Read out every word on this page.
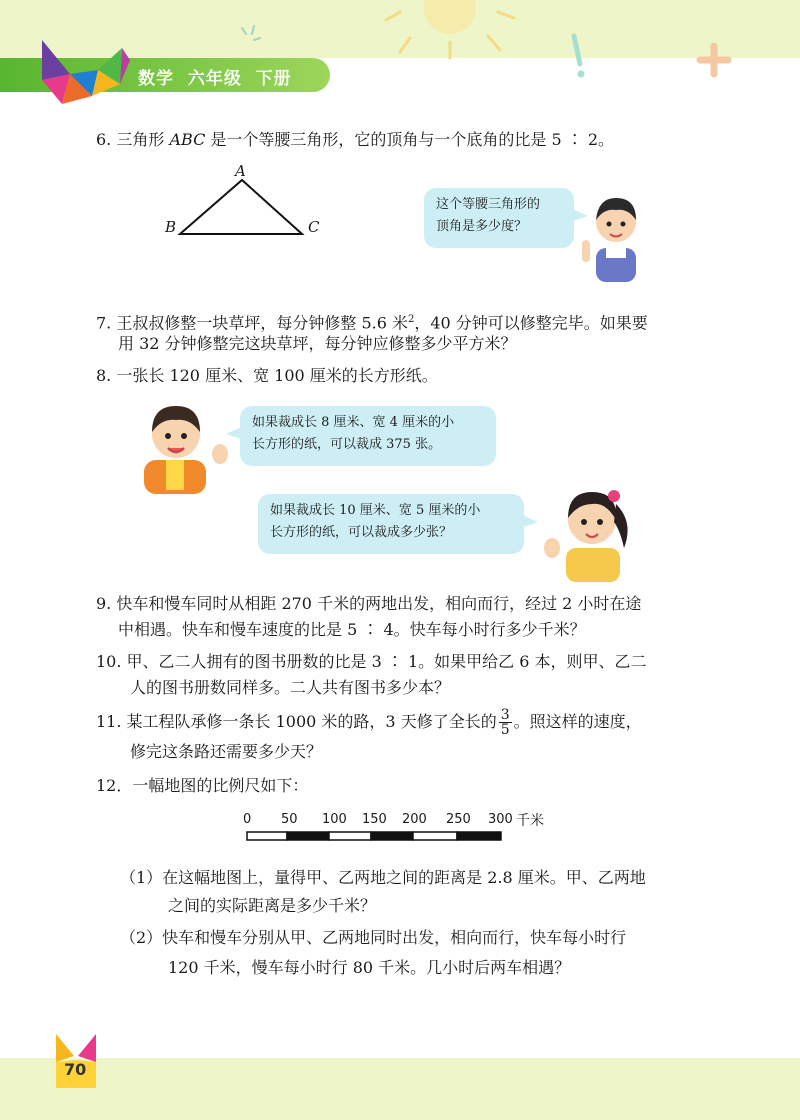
数学  六年级  下册
6. 三角形 ABC 是一个等腰三角形，它的顶角与一个底角的比是 5 ∶ 2。
A
B	C
这个等腰三角形的
顶角是多少度？
7. 王叔叔修整一块草坪，每分钟修整 5.6 米$^2$，40 分钟可以修整完毕。如果要
用 32 分钟修整完这块草坪，每分钟应修整多少平方米？
8. 一张长 120 厘米、宽 100 厘米的长方形纸。
如果裁成长 8 厘米、宽 4 厘米的小
长方形的纸，可以裁成 375 张。
如果裁成长 10 厘米、宽 5 厘米的小
长方形的纸，可以裁成多少张？
9. 快车和慢车同时从相距 270 千米的两地出发，相向而行，经过 2 小时在途
中相遇。快车和慢车速度的比是 5 ∶ 4。快车每小时行多少千米？
10. 甲、乙二人拥有的图书册数的比是 3 ∶ 1。如果甲给乙 6 本，则甲、乙二
人的图书册数同样多。二人共有图书多少本？
11. 某工程队承修一条长 1000 米的路，3 天修了全长的 $\frac{3}{5}$ 。照这样的速度，
修完这条路还需要多少天？
12．一幅地图的比例尺如下：
0 50 100 150 200 250 300 千米
（1）在这幅地图上，量得甲、乙两地之间的距离是 2.8 厘米。甲、乙两地
之间的实际距离是多少千米？
（2）快车和慢车分别从甲、乙两地同时出发，相向而行，快车每小时行
120 千米，慢车每小时行 80 千米。几小时后两车相遇？
70
